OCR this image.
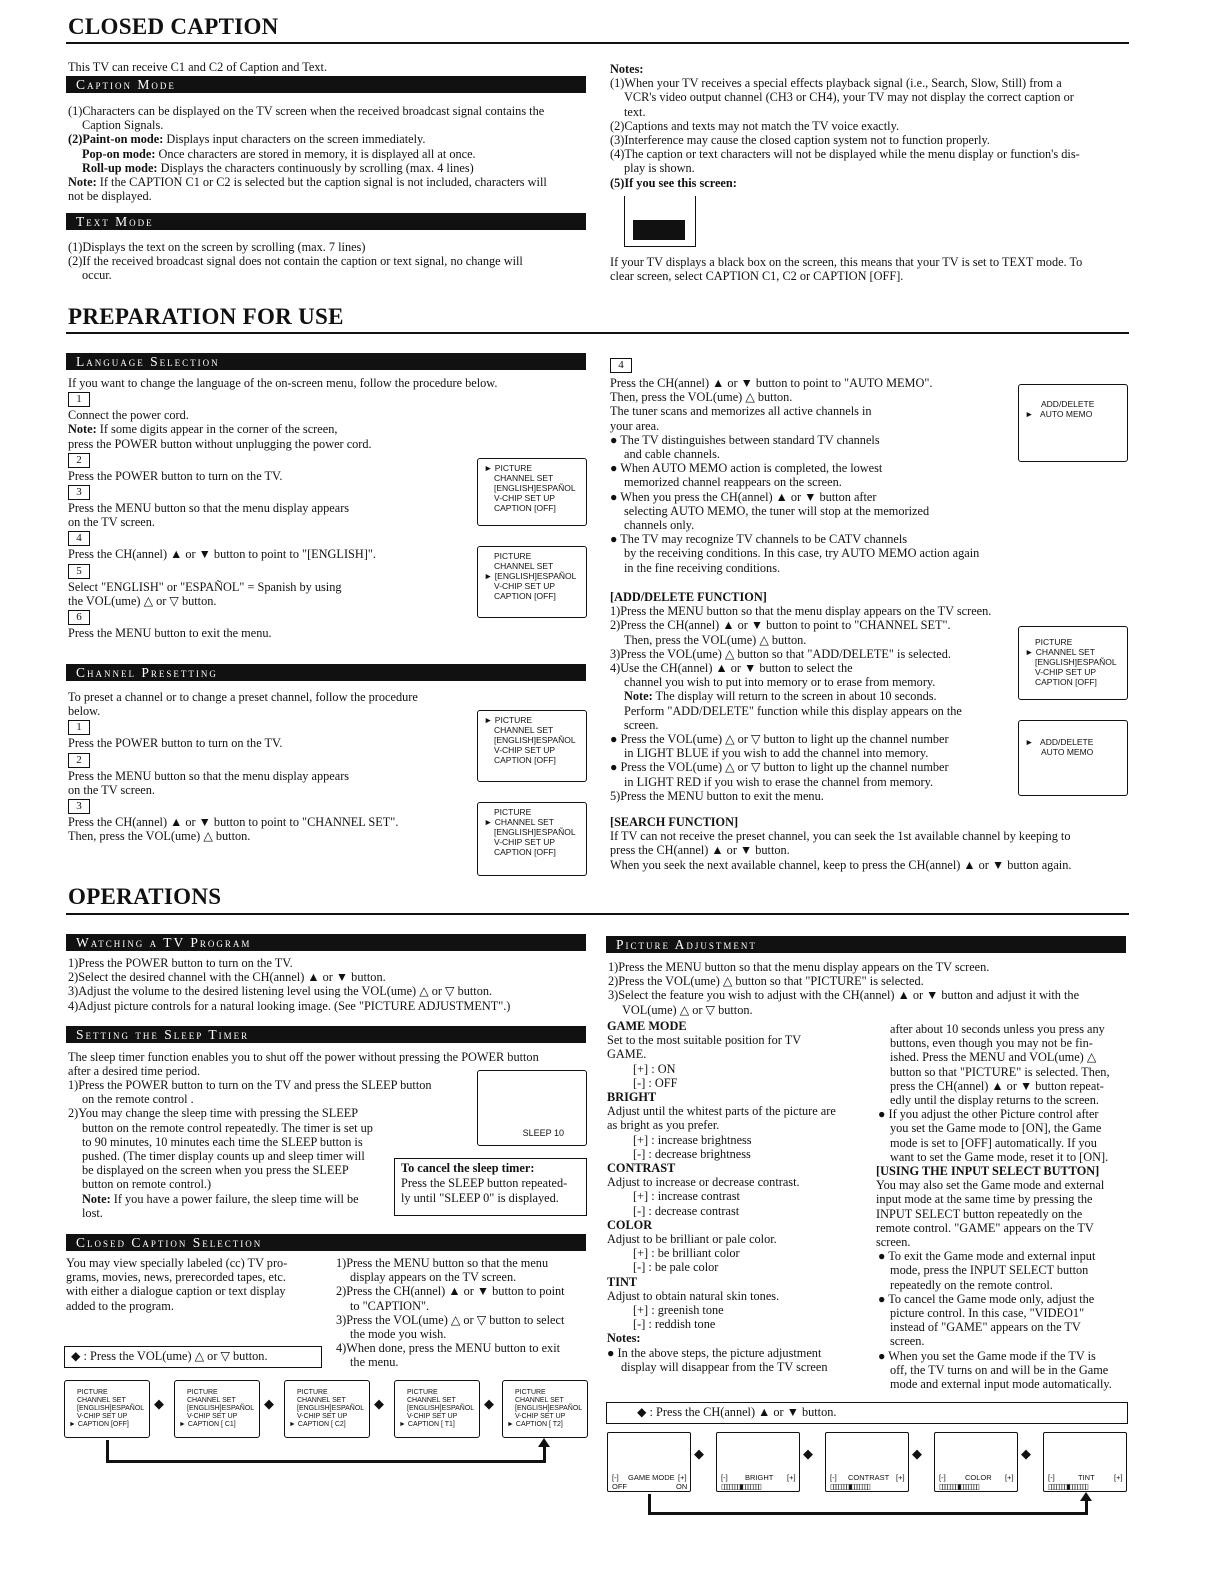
CLOSED CAPTION

This TV can receive C1 and C2 of Caption and Text.

Caption Mode

(1)Characters can be displayed on the TV screen when the received broadcast signal contains the

Caption Signals.

(2)Paint-on mode: Displays input characters on the screen immediately.

Pop-on mode: Once characters are stored in memory, it is displayed all at once.

Roll-up mode: Displays the characters continuously by scrolling (max. 4 lines)

Note: If the CAPTION C1 or C2 is selected but the caption signal is not included, characters will

not be displayed.

Text Mode

(1)Displays the text on the screen by scrolling (max. 7 lines)

(2)If the received broadcast signal does not contain the caption or text signal, no change will

occur.

Notes:

(1)When your TV receives a special effects playback signal (i.e., Search, Slow, Still) from a

VCR's video output channel (CH3 or CH4), your TV may not display the correct caption or

text.

(2)Captions and texts may not match the TV voice exactly.

(3)Interference may cause the closed caption system not to function properly.

(4)The caption or text characters will not be displayed while the menu display or function's dis-

play is shown.

(5)If you see this screen:

If your TV displays a black box on the screen, this means that your TV is set to TEXT mode. To

clear screen, select CAPTION C1, C2 or CAPTION [OFF].

PREPARATION FOR USE
Language Selection

If you want to change the language of the on-screen menu, follow the procedure below.

1

Connect the power cord.

Note: If some digits appear in the corner of the screen,

press the POWER button without unplugging the power cord.

2

Press the POWER button to turn on the TV.

3

Press the MENU button so that the menu display appears

on the TV screen.

4

Press the CH(annel) ▲ or ▼ button to point to "[ENGLISH]".

5

Select "ENGLISH" or "ESPAÑOL" = Spanish by using

the VOL(ume) △ or ▽ button.

6

Press the MENU button to exit the menu.

► PICTURE
CHANNEL SET
[ENGLISH]ESPAÑOL
V-CHIP SET UP
CAPTION [OFF]
PICTURE
CHANNEL SET
► [ENGLISH]ESPAÑOL
V-CHIP SET UP
CAPTION [OFF]
Channel Presetting

To preset a channel or to change a preset channel, follow the procedure

below.

1

Press the POWER button to turn on the TV.

2

Press the MENU button so that the menu display appears

on the TV screen.

3

Press the CH(annel) ▲ or ▼ button to point to "CHANNEL SET".

Then, press the VOL(ume) △ button.

► PICTURE
CHANNEL SET
[ENGLISH]ESPAÑOL
V-CHIP SET UP
CAPTION [OFF]
PICTURE
► CHANNEL SET
[ENGLISH]ESPAÑOL
V-CHIP SET UP
CAPTION [OFF]
4

Press the CH(annel) ▲ or ▼ button to point to "AUTO MEMO".

Then, press the VOL(ume) △ button.

The tuner scans and memorizes all active channels in

your area.

● The TV distinguishes between standard TV channels

and cable channels.

● When AUTO MEMO action is completed, the lowest

memorized channel reappears on the screen.

● When you press the CH(annel) ▲ or ▼ button after

selecting AUTO MEMO, the tuner will stop at the memorized

channels only.

● The TV may recognize TV channels to be CATV channels

by the receiving conditions. In this case, try AUTO MEMO action again

in the fine receiving conditions.

ADD/DELETE
► AUTO MEMO

[ADD/DELETE FUNCTION]

1)Press the MENU button so that the menu display appears on the TV screen.

2)Press the CH(annel) ▲ or ▼ button to point to "CHANNEL SET".

Then, press the VOL(ume) △ button.

3)Press the VOL(ume) △ button so that "ADD/DELETE" is selected.

4)Use the CH(annel) ▲ or ▼ button to select the

channel you wish to put into memory or to erase from memory.

Note: The display will return to the screen in about 10 seconds.

Perform "ADD/DELETE" function while this display appears on the

screen.

● Press the VOL(ume) △ or ▽ button to light up the channel number

in LIGHT BLUE if you wish to add the channel into memory.

● Press the VOL(ume) △ or ▽ button to light up the channel number

in LIGHT RED if you wish to erase the channel from memory.

5)Press the MENU button to exit the menu.

PICTURE
► CHANNEL SET
[ENGLISH]ESPAÑOL
V-CHIP SET UP
CAPTION [OFF]
► ADD/DELETE
AUTO MEMO

[SEARCH FUNCTION]

If TV can not receive the preset channel, you can seek the 1st available channel by keeping to

press the CH(annel) ▲ or ▼ button.

When you seek the next available channel, keep to press the CH(annel) ▲ or ▼ button again.

OPERATIONS
Watching a TV Program

1)Press the POWER button to turn on the TV.

2)Select the desired channel with the CH(annel) ▲ or ▼ button.

3)Adjust the volume to the desired listening level using the VOL(ume) △ or ▽ button.

4)Adjust picture controls for a natural looking image. (See "PICTURE ADJUSTMENT".)

Setting the Sleep Timer

The sleep timer function enables you to shut off the power without pressing the POWER button

after a desired time period.

1)Press the POWER button to turn on the TV and press the SLEEP button

on the remote control .

2)You may change the sleep time with pressing the SLEEP

button on the remote control repeatedly. The timer is set up

to 90 minutes, 10 minutes each time the SLEEP button is

pushed. (The timer display counts up and sleep timer will

be displayed on the screen when you press the SLEEP

button on remote control.)

Note: If you have a power failure, the sleep time will be

lost.

SLEEP 10
To cancel the sleep timer:
Press the SLEEP button repeated-
ly until "SLEEP 0" is displayed.
Closed Caption Selection

You may view specially labeled (cc) TV pro-

grams, movies, news, prerecorded tapes, etc.

with either a dialogue caption or text display

added to the program.

◆ : Press the VOL(ume) △ or ▽ button.

1)Press the MENU button so that the menu

display appears on the TV screen.

2)Press the CH(annel) ▲ or ▼ button to point

to "CAPTION".

3)Press the VOL(ume) △ or ▽ button to select

the mode you wish.

4)When done, press the MENU button to exit

the menu.

PICTURE
CHANNEL SET
[ENGLISH]ESPAÑOL
V-CHIP SET UP
► CAPTION [OFF]
◆
PICTURE
CHANNEL SET
[ENGLISH]ESPAÑOL
V-CHIP SET UP
► CAPTION [ C1]
◆
PICTURE
CHANNEL SET
[ENGLISH]ESPAÑOL
V-CHIP SET UP
► CAPTION [ C2]
◆
PICTURE
CHANNEL SET
[ENGLISH]ESPAÑOL
V-CHIP SET UP
► CAPTION [ T1]
◆
PICTURE
CHANNEL SET
[ENGLISH]ESPAÑOL
V-CHIP SET UP
► CAPTION [ T2]
Picture Adjustment

1)Press the MENU button so that the menu display appears on the TV screen.

2)Press the VOL(ume) △ button so that "PICTURE" is selected.

3)Select the feature you wish to adjust with the CH(annel) ▲ or ▼ button and adjust it with the

VOL(ume) △ or ▽ button.

GAME MODE

Set to the most suitable position for TV

GAME.

[+] : ON

[-] : OFF

BRIGHT

Adjust until the whitest parts of the picture are

as bright as you prefer.

[+] : increase brightness

[-] : decrease brightness

CONTRAST

Adjust to increase or decrease contrast.

[+] : increase contrast

[-] : decrease contrast

COLOR

Adjust to be brilliant or pale color.

[+] : be brilliant color

[-] : be pale color

TINT

Adjust to obtain natural skin tones.

[+] : greenish tone

[-] : reddish tone

Notes:

● In the above steps, the picture adjustment

display will disappear from the TV screen

after about 10 seconds unless you press any

buttons, even though you may not be fin-

ished. Press the MENU and VOL(ume) △

button so that "PICTURE" is selected. Then,

press the CH(annel) ▲ or ▼ button repeat-

edly until the display returns to the screen.

● If you adjust the other Picture control after

you set the Game mode to [ON], the Game

mode is set to [OFF] automatically. If you

want to set the Game mode, reset it to [ON].

[USING THE INPUT SELECT BUTTON]

You may also set the Game mode and external

input mode at the same time by pressing the

INPUT SELECT button repeatedly on the

remote control. "GAME" appears on the TV

screen.

● To exit the Game mode and external input

mode, press the INPUT SELECT button

repeatedly on the remote control.

● To cancel the Game mode only, adjust the

picture control. In this case, "VIDEO1"

instead of "GAME" appears on the TV

screen.

● When you set the Game mode if the TV is

off, the TV turns on and will be in the Game

mode and external input mode automatically.

◆ : Press the CH(annel) ▲ or ▼ button.
[-] GAME MODE [+]
OFF	ON
◆
[-] BRIGHT [+]
▯▯▯▯▯▯▯▮▯▯▯▯▯▯▯
◆
[-] CONTRAST [+]
▯▯▯▯▯▯▯▮▯▯▯▯▯▯▯
◆
[-]	COLOR [+]
▯▯▯▯▯▯▯▮▯▯▯▯▯▯▯
◆
[-]	TINT	[+]
▯▯▯▯▯▯▯▮▯▯▯▯▯▯▯
